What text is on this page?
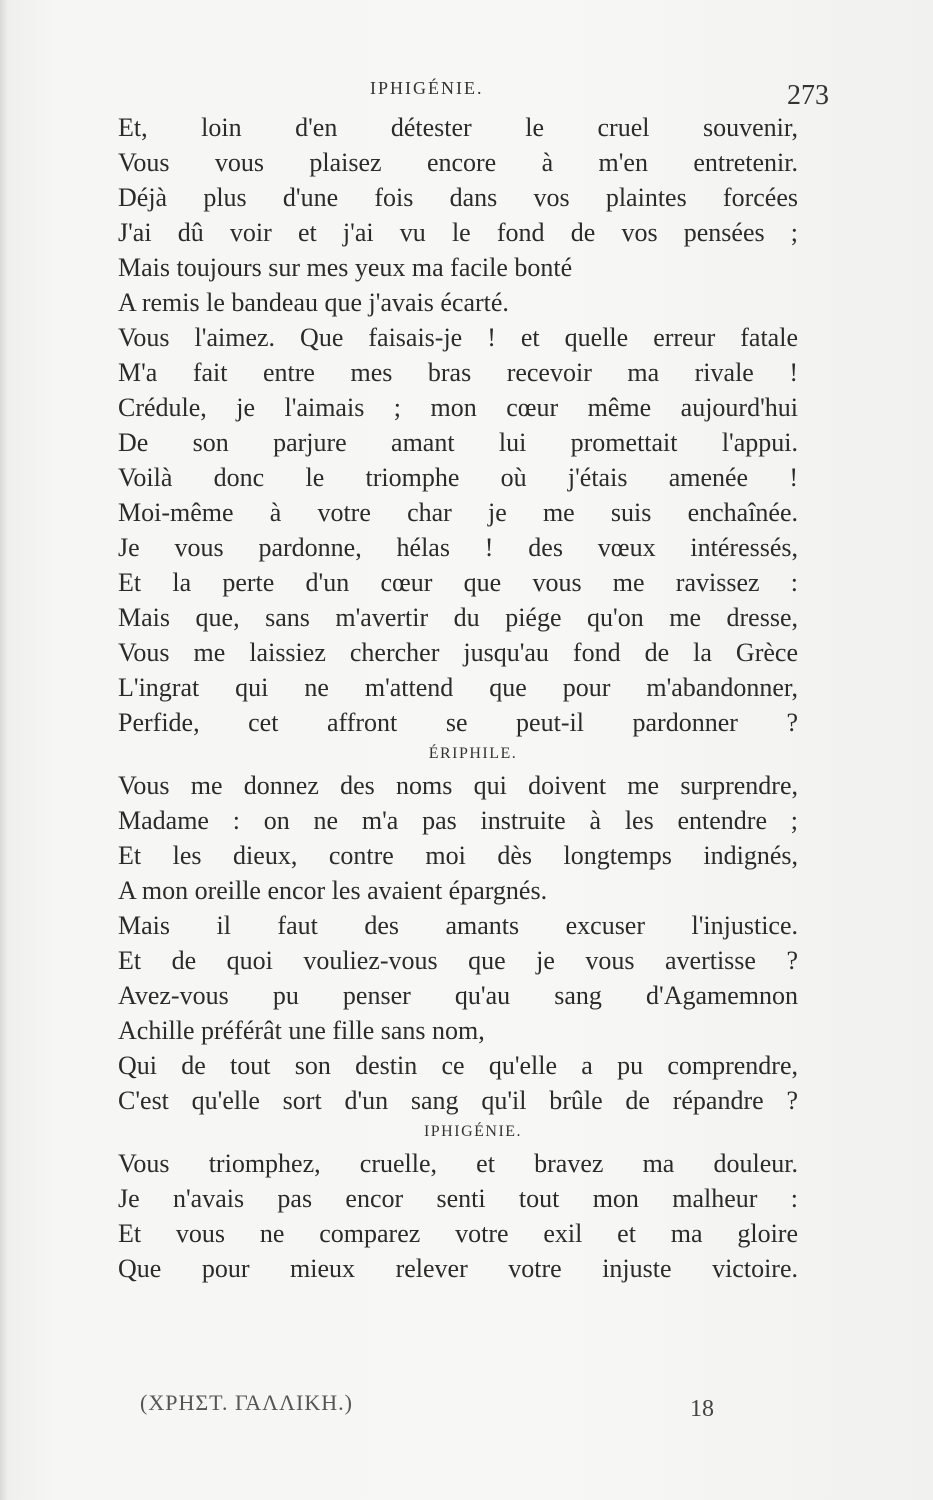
IPHIGÉNIE.	273
Et, loin d'en détester le cruel souvenir,
Vous vous plaisez encore à m'en entretenir.
Déjà plus d'une fois dans vos plaintes forcées
J'ai dû voir et j'ai vu le fond de vos pensées ;
Mais toujours sur mes yeux ma facile bonté
A remis le bandeau que j'avais écarté.
Vous l'aimez. Que faisais-je ! et quelle erreur fatale
M'a fait entre mes bras recevoir ma rivale !
Crédule, je l'aimais ; mon cœur même aujourd'hui
De son parjure amant lui promettait l'appui.
Voilà donc le triomphe où j'étais amenée !
Moi-même à votre char je me suis enchaînée.
Je vous pardonne, hélas ! des vœux intéressés,
Et la perte d'un cœur que vous me ravissez :
Mais que, sans m'avertir du piége qu'on me dresse,
Vous me laissiez chercher jusqu'au fond de la Grèce
L'ingrat qui ne m'attend que pour m'abandonner,
Perfide, cet affront se peut-il pardonner ?
ÉRIPHILE.
Vous me donnez des noms qui doivent me surprendre,
Madame : on ne m'a pas instruite à les entendre ;
Et les dieux, contre moi dès longtemps indignés,
A mon oreille encor les avaient épargnés.
Mais il faut des amants excuser l'injustice.
Et de quoi vouliez-vous que je vous avertisse ?
Avez-vous pu penser qu'au sang d'Agamemnon
Achille préférât une fille sans nom,
Qui de tout son destin ce qu'elle a pu comprendre,
C'est qu'elle sort d'un sang qu'il brûle de répandre ?
IPHIGÉNIE.
Vous triomphez, cruelle, et bravez ma douleur.
Je n'avais pas encor senti tout mon malheur :
Et vous ne comparez votre exil et ma gloire
Que pour mieux relever votre injuste victoire.
(ΧΡΗΣΤ. ΓΑΛΛΙΚΗ.)	18
